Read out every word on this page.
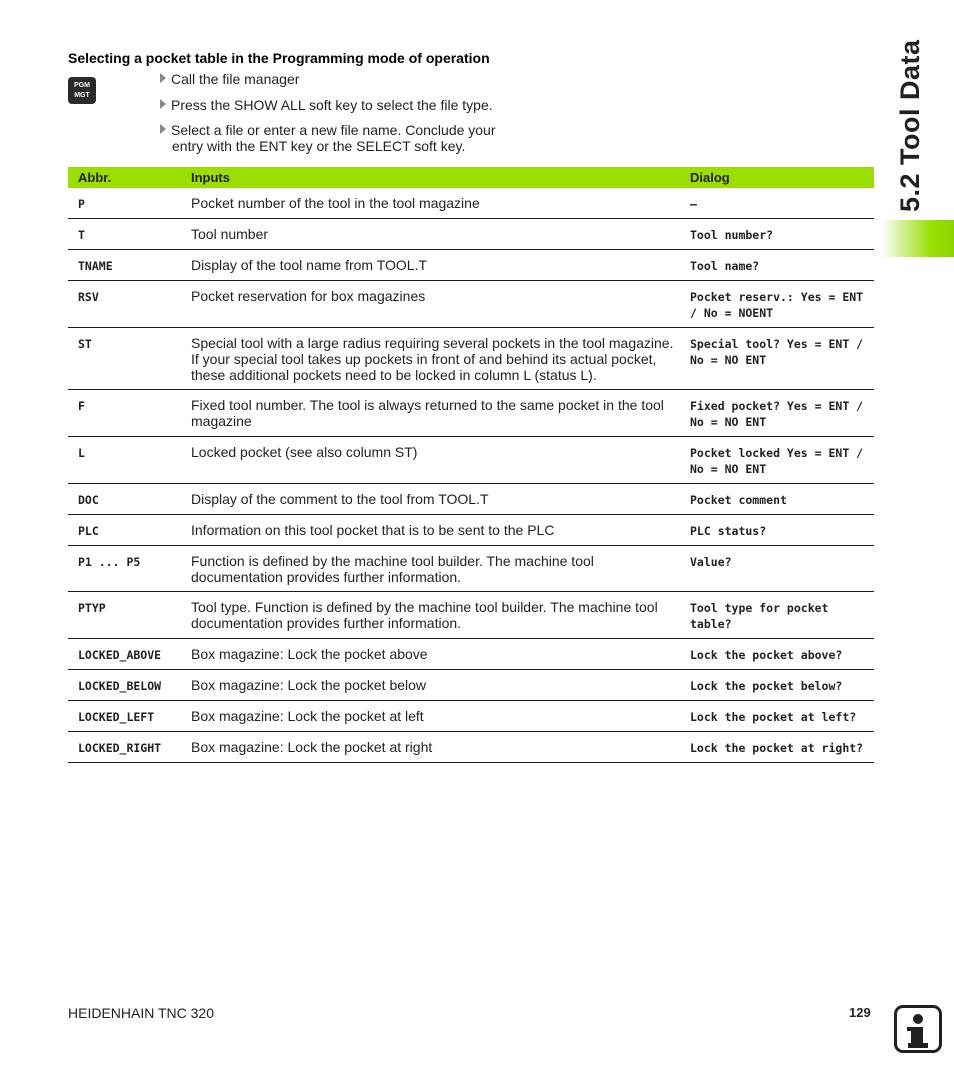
Selecting a pocket table in the Programming mode of operation
PGM
MGT
Call the file manager
Press the SHOW ALL soft key to select the file type.
Select a file or enter a new file name. Conclude your
entry with the ENT key or the SELECT soft key.
Abbr.	Inputs	Dialog
P	Pocket number of the tool in the tool magazine	–
T	Tool number	Tool number?
TNAME	Display of the tool name from TOOL.T	Tool name?
RSV	Pocket reservation for box magazines	Pocket reserv.: Yes = ENT / No = NOENT
ST	Special tool with a large radius requiring several pockets in the tool magazine. If your special tool takes up pockets in front of and behind its actual pocket, these additional pockets need to be locked in column L (status L).	Special tool? Yes = ENT / No = NO ENT
F	Fixed tool number. The tool is always returned to the same pocket in the tool magazine	Fixed pocket? Yes = ENT / No = NO ENT
L	Locked pocket (see also column ST)	Pocket locked Yes = ENT / No = NO ENT
DOC	Display of the comment to the tool from TOOL.T	Pocket comment
PLC	Information on this tool pocket that is to be sent to the PLC	PLC status?
P1 ... P5	Function is defined by the machine tool builder. The machine tool documentation provides further information.	Value?
PTYP	Tool type. Function is defined by the machine tool builder. The machine tool documentation provides further information.	Tool type for pocket table?
LOCKED_ABOVE	Box magazine: Lock the pocket above	Lock the pocket above?
LOCKED_BELOW	Box magazine: Lock the pocket below	Lock the pocket below?
LOCKED_LEFT	Box magazine: Lock the pocket at left	Lock the pocket at left?
LOCKED_RIGHT	Box magazine: Lock the pocket at right	Lock the pocket at right?
5.2 Tool Data
HEIDENHAIN TNC 320	129
